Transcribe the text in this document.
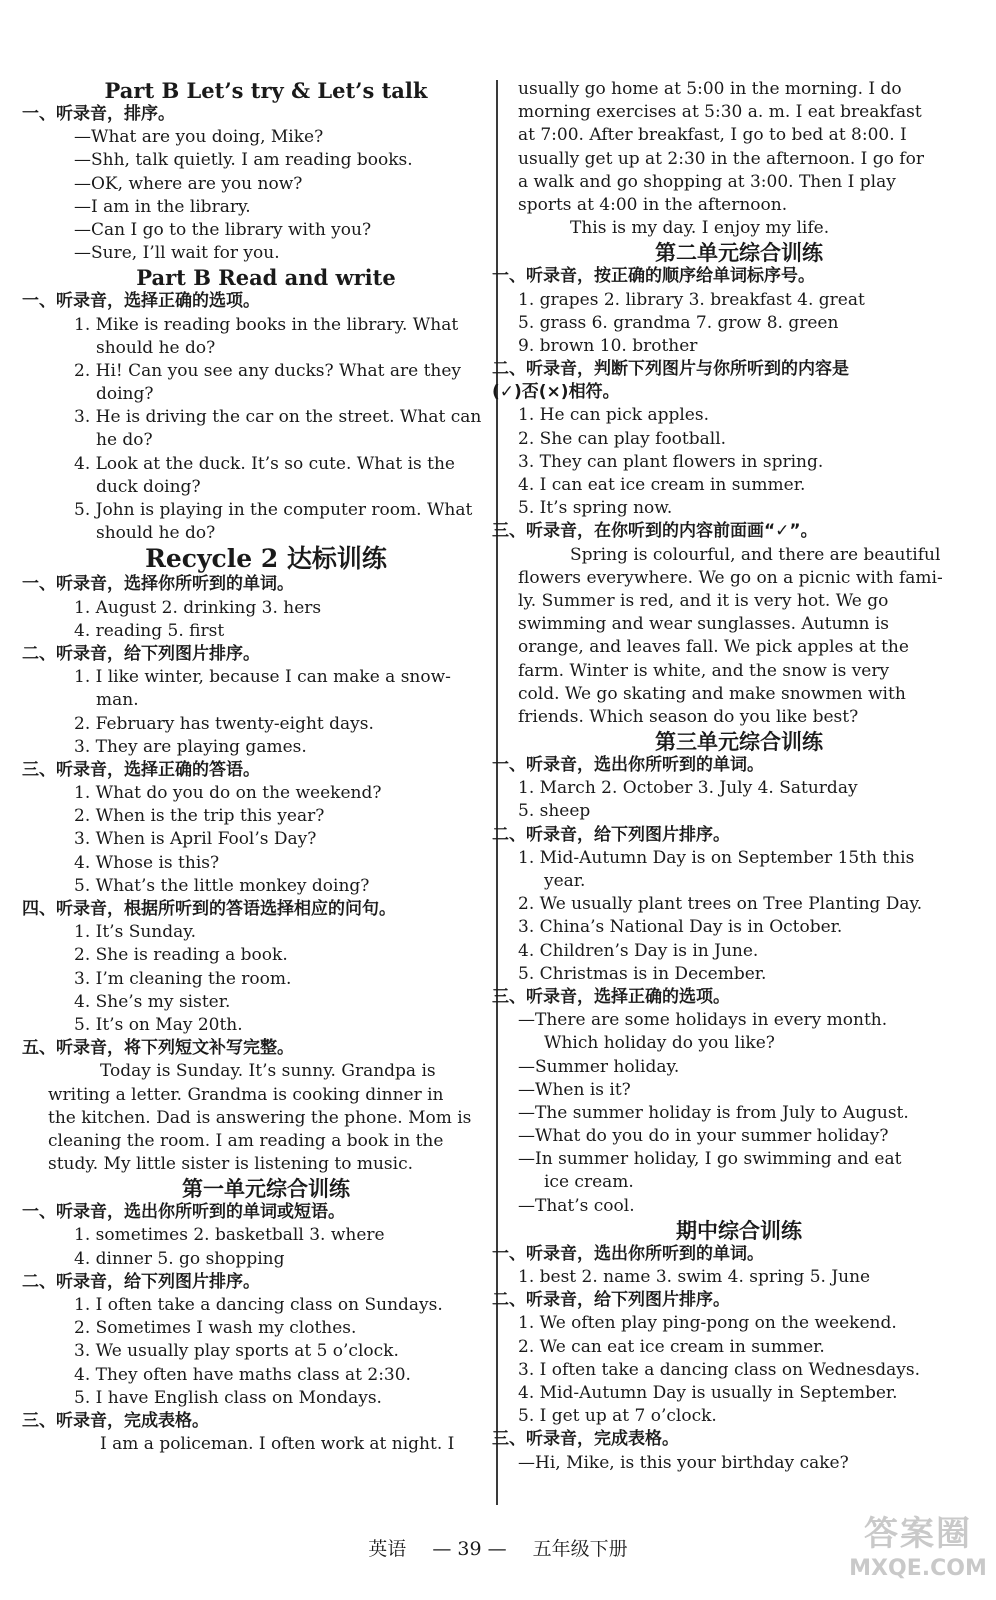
Part B Let’s try & Let’s talk
一、听录音，排序。
—What are you doing, Mike?
—Shh, talk quietly. I am reading books.
—OK, where are you now?
—I am in the library.
—Can I go to the library with you?
—Sure, I’ll wait for you.
Part B Read and write
一、听录音，选择正确的选项。
1. Mike is reading books in the library. What
should he do?
2. Hi! Can you see any ducks? What are they
doing?
3. He is driving the car on the street. What can
he do?
4. Look at the duck. It’s so cute. What is the
duck doing?
5. John is playing in the computer room. What
should he do?
Recycle 2 达标训练
一、听录音，选择你所听到的单词。
1. August 2. drinking 3. hers
4. reading 5. first
二、听录音，给下列图片排序。
1. I like winter, because I can make a snow-
man.
2. February has twenty-eight days.
3. They are playing games.
三、听录音，选择正确的答语。
1. What do you do on the weekend?
2. When is the trip this year?
3. When is April Fool’s Day?
4. Whose is this?
5. What’s the little monkey doing?
四、听录音，根据所听到的答语选择相应的问句。
1. It’s Sunday.
2. She is reading a book.
3. I’m cleaning the room.
4. She’s my sister.
5. It’s on May 20th.
五、听录音，将下列短文补写完整。
Today is Sunday. It’s sunny. Grandpa is
writing a letter. Grandma is cooking dinner in
the kitchen. Dad is answering the phone. Mom is
cleaning the room. I am reading a book in the
study. My little sister is listening to music.
第一单元综合训练
一、听录音，选出你所听到的单词或短语。
1. sometimes 2. basketball 3. where
4. dinner 5. go shopping
二、听录音，给下列图片排序。
1. I often take a dancing class on Sundays.
2. Sometimes I wash my clothes.
3. We usually play sports at 5 o’clock.
4. They often have maths class at 2:30.
5. I have English class on Mondays.
三、听录音，完成表格。
I am a policeman. I often work at night. I
usually go home at 5:00 in the morning. I do
morning exercises at 5:30 a. m. I eat breakfast
at 7:00. After breakfast, I go to bed at 8:00. I
usually get up at 2:30 in the afternoon. I go for
a walk and go shopping at 3:00. Then I play
sports at 4:00 in the afternoon.
This is my day. I enjoy my life.
第二单元综合训练
一、听录音，按正确的顺序给单词标序号。
1. grapes 2. library 3. breakfast 4. great
5. grass 6. grandma 7. grow 8. green
9. brown 10. brother
二、听录音，判断下列图片与你所听到的内容是
(✓)否(×)相符。
1. He can pick apples.
2. She can play football.
3. They can plant flowers in spring.
4. I can eat ice cream in summer.
5. It’s spring now.
三、听录音，在你听到的内容前面画“✓”。
Spring is colourful, and there are beautiful
flowers everywhere. We go on a picnic with fami-
ly. Summer is red, and it is very hot. We go
swimming and wear sunglasses. Autumn is
orange, and leaves fall. We pick apples at the
farm. Winter is white, and the snow is very
cold. We go skating and make snowmen with
friends. Which season do you like best?
第三单元综合训练
一、听录音，选出你所听到的单词。
1. March 2. October 3. July 4. Saturday
5. sheep
二、听录音，给下列图片排序。
1. Mid-Autumn Day is on September 15th this
year.
2. We usually plant trees on Tree Planting Day.
3. China’s National Day is in October.
4. Children’s Day is in June.
5. Christmas is in December.
三、听录音，选择正确的选项。
—There are some holidays in every month.
Which holiday do you like?
—Summer holiday.
—When is it?
—The summer holiday is from July to August.
—What do you do in your summer holiday?
—In summer holiday, I go swimming and eat
ice cream.
—That’s cool.
期中综合训练
一、听录音，选出你所听到的单词。
1. best 2. name 3. swim 4. spring 5. June
二、听录音，给下列图片排序。
1. We often play ping-pong on the weekend.
2. We can eat ice cream in summer.
3. I often take a dancing class on Wednesdays.
4. Mid-Autumn Day is usually in September.
5. I get up at 7 o’clock.
三、听录音，完成表格。
—Hi, Mike, is this your birthday cake?
英语 — 39 — 五年级下册	答案圈
MXQE.COM
